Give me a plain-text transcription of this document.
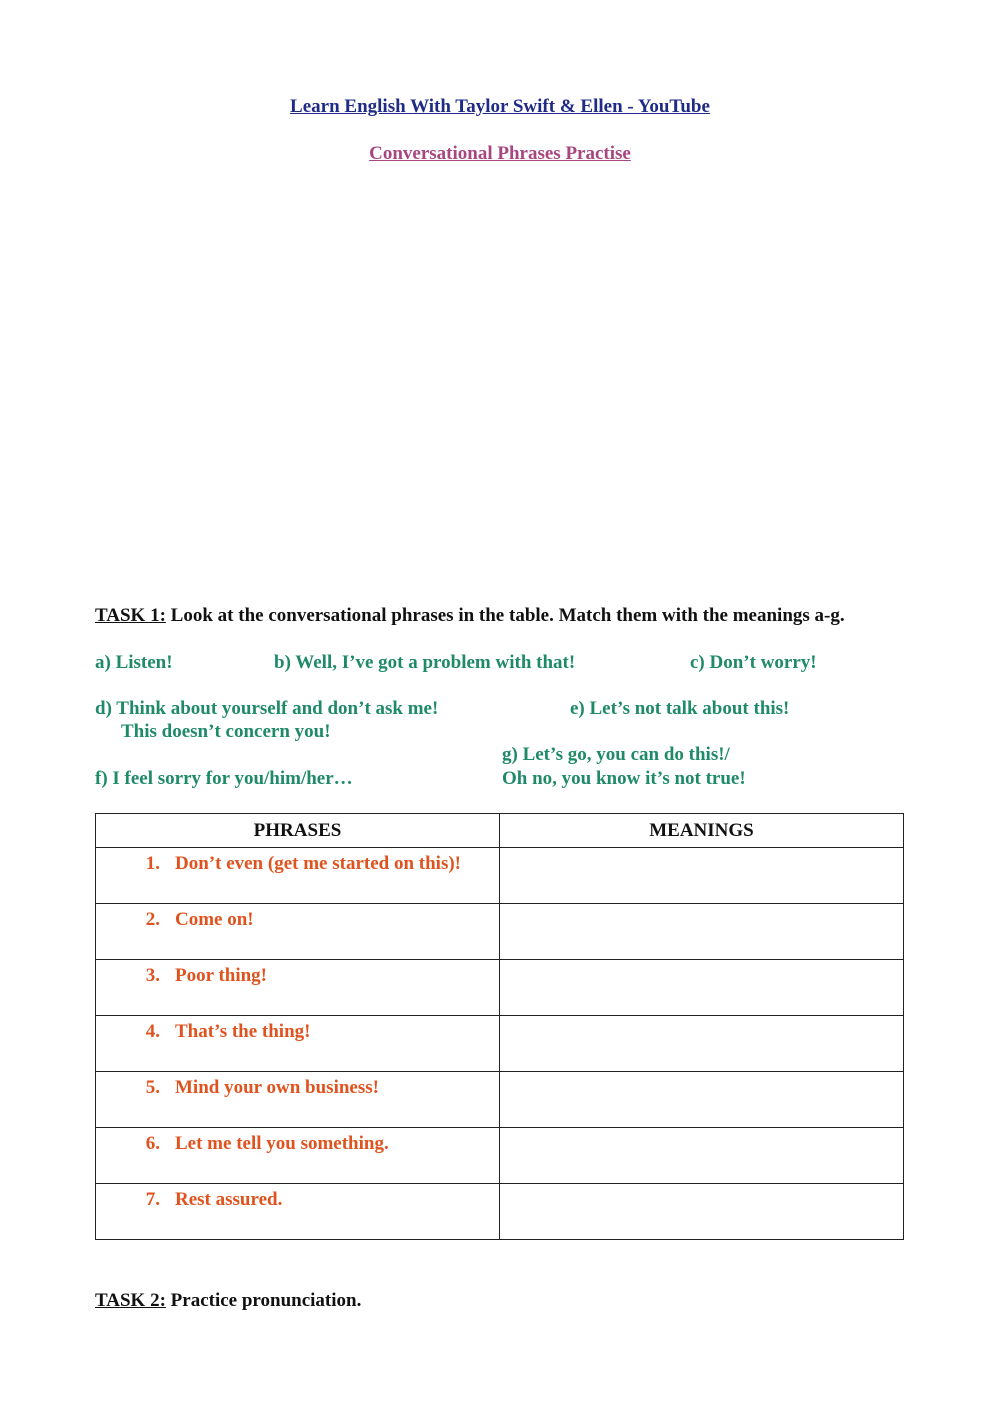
Learn English With Taylor Swift & Ellen - YouTube
Conversational Phrases Practise
TASK 1: Look at the conversational phrases in the table. Match them with the meanings a-g.
a) Listen!	b) Well, I’ve got a problem with that!	c) Don’t worry!
d) Think about yourself and don’t ask me!	e) Let’s not talk about this!
This doesn’t concern you!
g) Let’s go, you can do this!/
f) I feel sorry for you/him/her…	Oh no, you know it’s not true!
PHRASES	MEANINGS

1. Don’t even (get me started on this)!	

2. Come on!	

3. Poor thing!	

4. That’s the thing!	

5. Mind your own business!	

6. Let me tell you something.	

7. Rest assured.	

TASK 2: Practice pronunciation.
